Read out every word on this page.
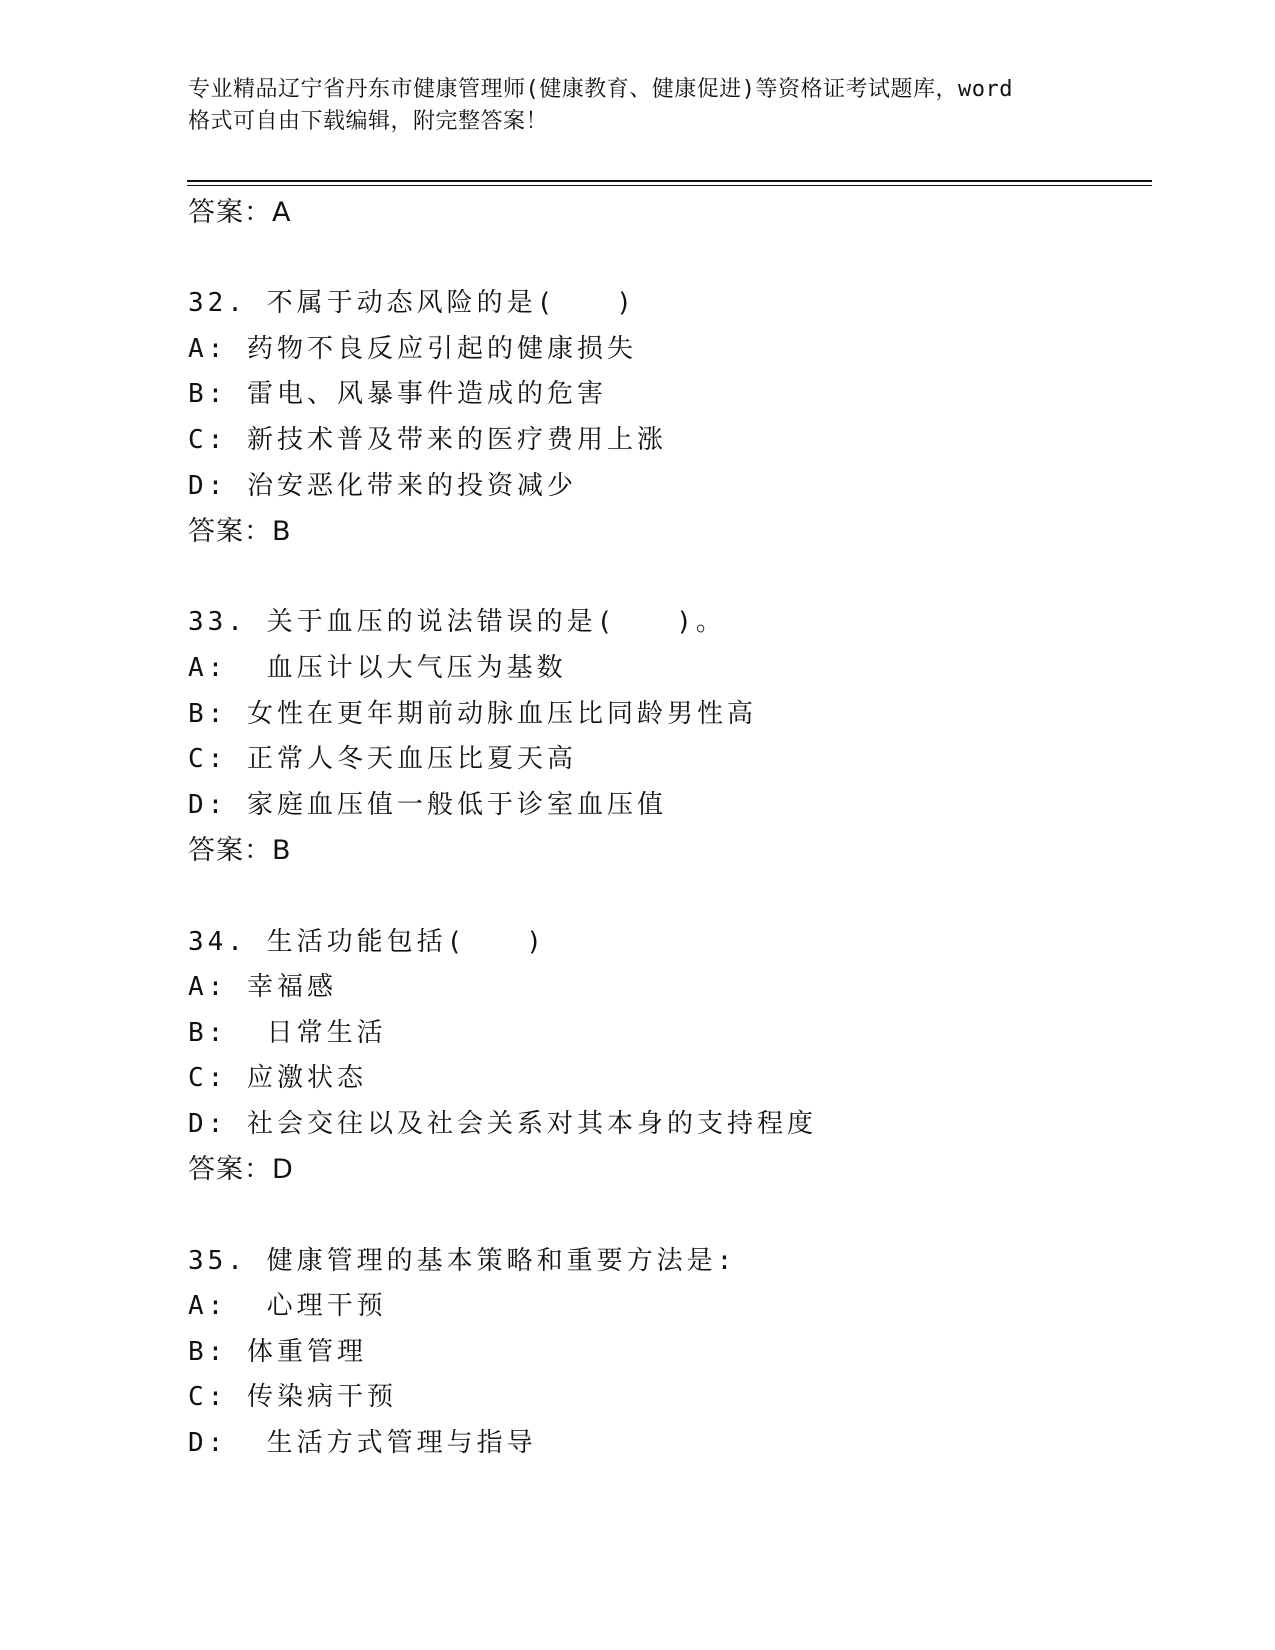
专业精品辽宁省丹东市健康管理师(健康教育、健康促进)等资格证考试题库，word
格式可自由下载编辑，附完整答案！
答案：A
32. 不属于动态风险的是(　　)
A: 药物不良反应引起的健康损失
B: 雷电、风暴事件造成的危害
C: 新技术普及带来的医疗费用上涨
D: 治安恶化带来的投资减少
答案：B
33. 关于血压的说法错误的是(　　)。
A:  血压计以大气压为基数
B: 女性在更年期前动脉血压比同龄男性高
C: 正常人冬天血压比夏天高
D: 家庭血压值一般低于诊室血压值
答案：B
34. 生活功能包括(　　)
A: 幸福感
B:  日常生活
C: 应激状态
D: 社会交往以及社会关系对其本身的支持程度
答案：D
35. 健康管理的基本策略和重要方法是:
A:  心理干预
B: 体重管理
C: 传染病干预
D:  生活方式管理与指导
